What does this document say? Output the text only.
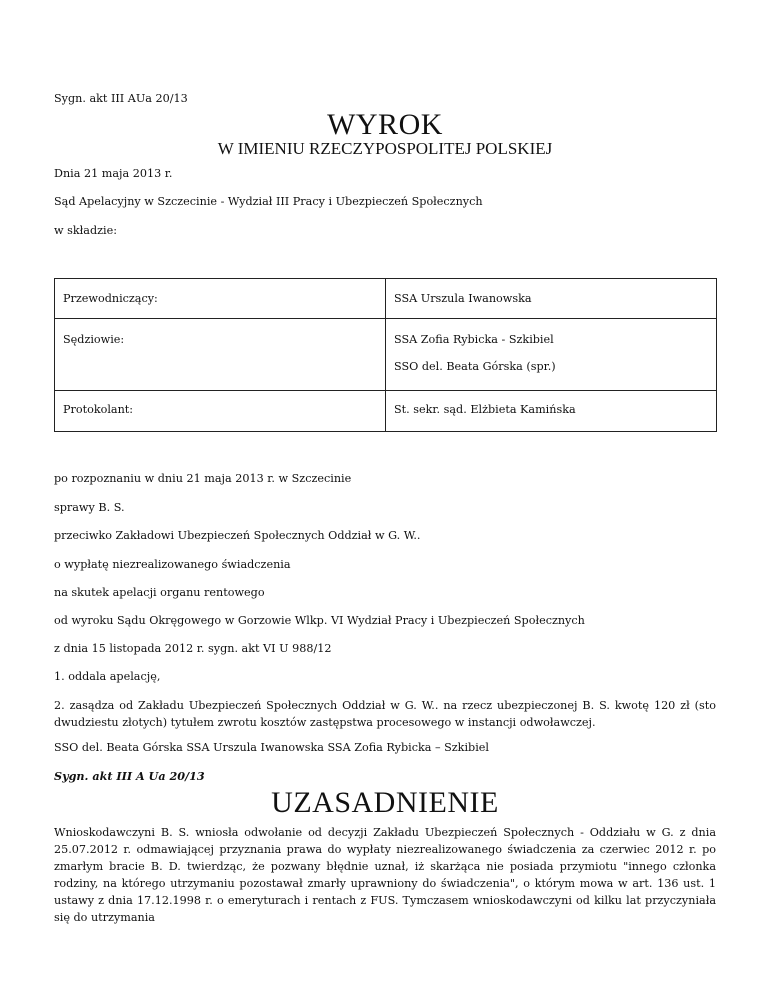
Sygn. akt III AUa 20/13
WYROK
W IMIENIU RZECZYPOSPOLITEJ POLSKIEJ
Dnia 21 maja 2013 r.
Sąd Apelacyjny w Szczecinie - Wydział III Pracy i Ubezpieczeń Społecznych
w składzie:
Przewodniczący:	SSA Urszula Iwanowska

Sędziowie:	SSA Zofia Rybicka - Szkibiel
SSO del. Beata Górska (spr.)

Protokolant:	St. sekr. sąd. Elżbieta Kamińska
po rozpoznaniu w dniu 21 maja 2013 r. w Szczecinie
sprawy B. S.
przeciwko Zakładowi Ubezpieczeń Społecznych Oddział w G. W..
o wypłatę niezrealizowanego świadczenia
na skutek apelacji organu rentowego
od wyroku Sądu Okręgowego w Gorzowie Wlkp. VI Wydział Pracy i Ubezpieczeń Społecznych
z dnia 15 listopada 2012 r. sygn. akt VI U 988/12
1. oddala apelację,
2. zasądza od Zakładu Ubezpieczeń Społecznych Oddział w G. W.. na rzecz ubezpieczonej B. S. kwotę 120 zł (sto dwudziestu złotych) tytułem zwrotu kosztów zastępstwa procesowego w instancji odwoławczej.
SSO del. Beata Górska SSA Urszula Iwanowska SSA Zofia Rybicka – Szkibiel
Sygn. akt III A Ua 20/13
UZASADNIENIE
Wnioskodawczyni B. S. wniosła odwołanie od decyzji Zakładu Ubezpieczeń Społecznych - Oddziału w G. z dnia 25.07.2012 r. odmawiającej przyznania prawa do wypłaty niezrealizowanego świadczenia za czerwiec 2012 r. po zmarłym bracie B. D. twierdząc, że pozwany błędnie uznał, iż skarżąca nie posiada przymiotu "innego członka rodziny, na którego utrzymaniu pozostawał zmarły uprawniony do świadczenia", o którym mowa w art. 136 ust. 1 ustawy z dnia 17.12.1998 r. o emeryturach i rentach z FUS. Tymczasem wnioskodawczyni od kilku lat przyczyniała się do utrzymania
